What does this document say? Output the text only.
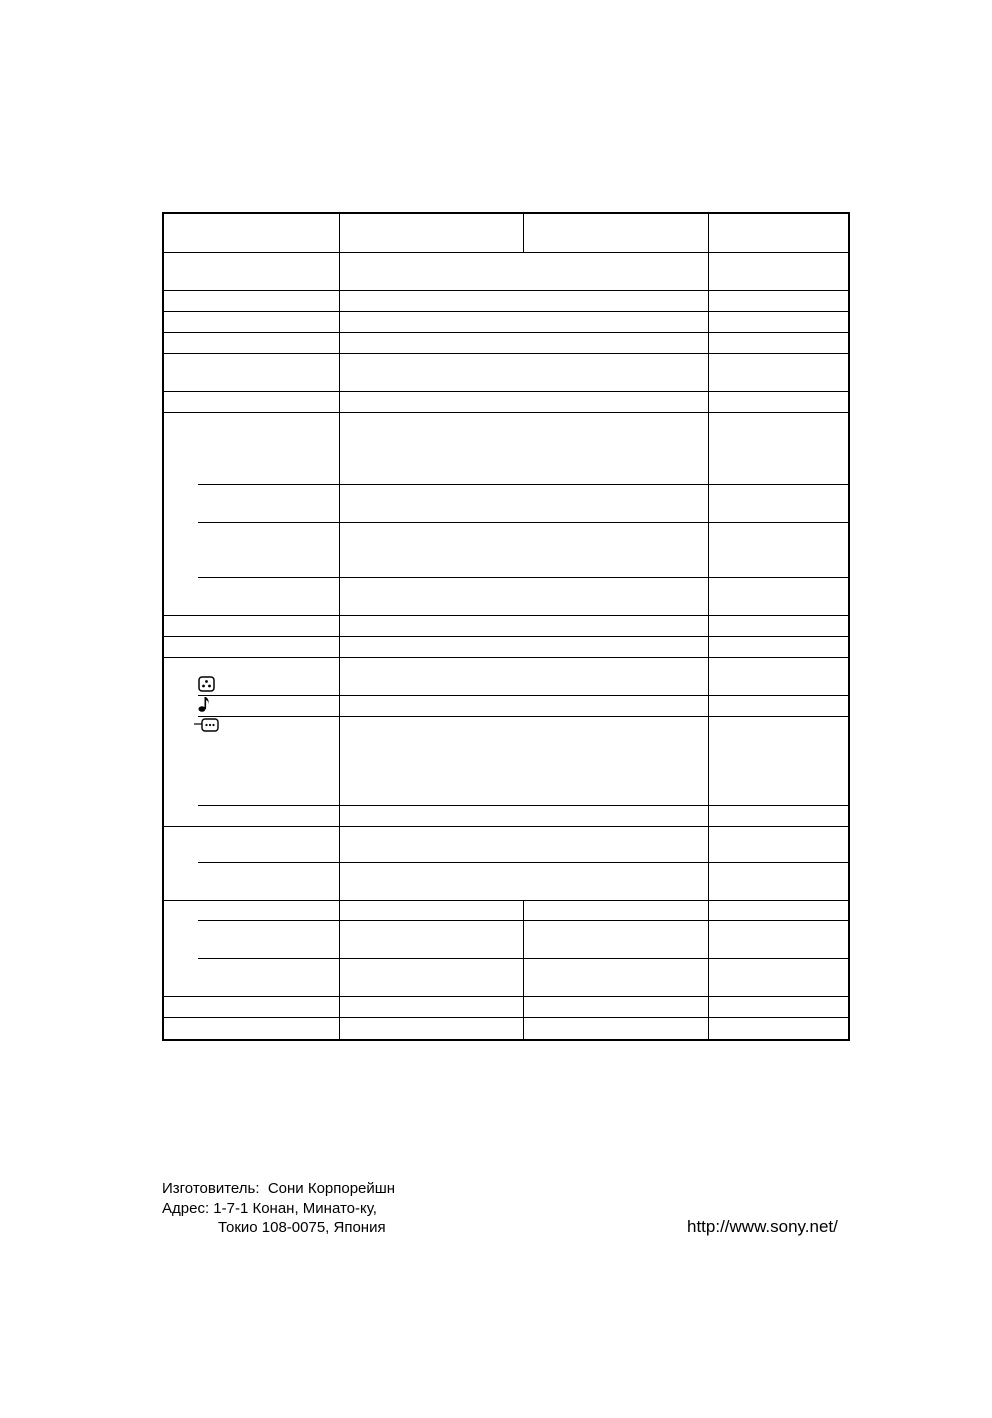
Изготовитель:  Сони Корпорейшн
Адрес: 1-7-1 Конан, Минато-ку,
Токио 108-0075, Япония	http://www.sony.net/
